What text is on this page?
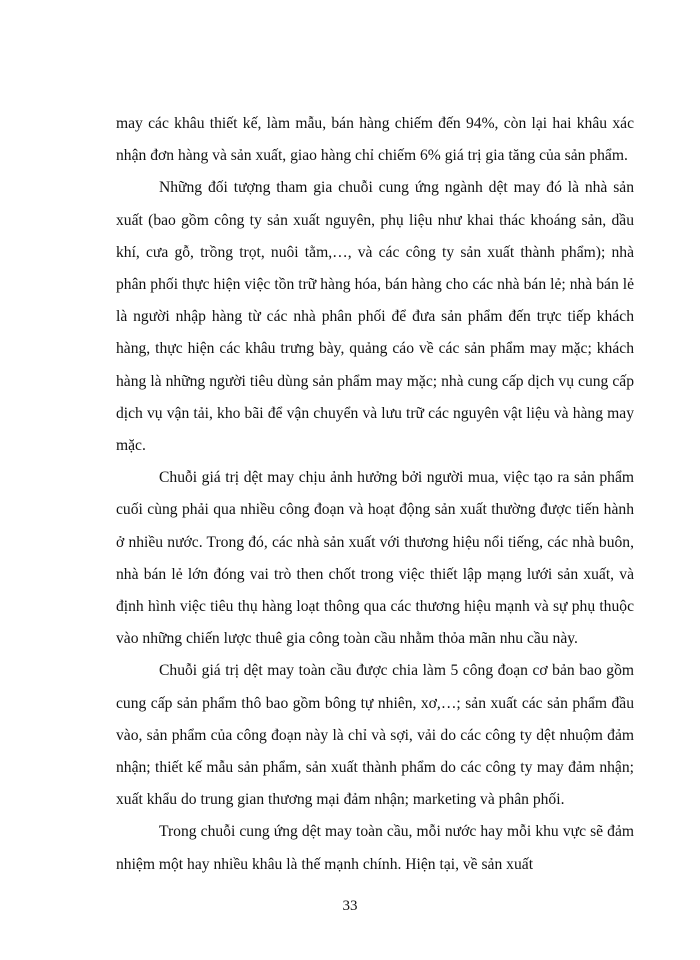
may các khâu thiết kế, làm mẫu, bán hàng chiếm đến 94%, còn lại hai khâu xác nhận đơn hàng và sản xuất, giao hàng chỉ chiếm 6% giá trị gia tăng của sản phẩm.

Những đối tượng tham gia chuỗi cung ứng ngành dệt may đó là nhà sản xuất (bao gồm công ty sản xuất nguyên, phụ liệu như khai thác khoáng sản, dầu khí, cưa gỗ, trồng trọt, nuôi tằm,…, và các công ty sản xuất thành phẩm); nhà phân phối thực hiện việc tồn trữ hàng hóa, bán hàng cho các nhà bán lẻ; nhà bán lẻ là người nhập hàng từ các nhà phân phối để đưa sản phẩm đến trực tiếp khách hàng, thực hiện các khâu trưng bày, quảng cáo về các sản phẩm may mặc; khách hàng là những người tiêu dùng sản phẩm may mặc; nhà cung cấp dịch vụ cung cấp dịch vụ vận tải, kho bãi để vận chuyển và lưu trữ các nguyên vật liệu và hàng may mặc.

Chuỗi giá trị dệt may chịu ảnh hưởng bởi người mua, việc tạo ra sản phẩm cuối cùng phải qua nhiều công đoạn và hoạt động sản xuất thường được tiến hành ở nhiều nước. Trong đó, các nhà sản xuất với thương hiệu nổi tiếng, các nhà buôn, nhà bán lẻ lớn đóng vai trò then chốt trong việc thiết lập mạng lưới sản xuất, và định hình việc tiêu thụ hàng loạt thông qua các thương hiệu mạnh và sự phụ thuộc vào những chiến lược thuê gia công toàn cầu nhằm thỏa mãn nhu cầu này.

Chuỗi giá trị dệt may toàn cầu được chia làm 5 công đoạn cơ bản bao gồm cung cấp sản phẩm thô bao gồm bông tự nhiên, xơ,…; sản xuất các sản phẩm đầu vào, sản phẩm của công đoạn này là chỉ và sợi, vải do các công ty dệt nhuộm đảm nhận; thiết kế mẫu sản phẩm, sản xuất thành phẩm do các công ty may đảm nhận; xuất khẩu do trung gian thương mại đảm nhận; marketing và phân phối.

Trong chuỗi cung ứng dệt may toàn cầu, mỗi nước hay mỗi khu vực sẽ đảm nhiệm một hay nhiều khâu là thế mạnh chính. Hiện tại, về sản xuất

33
